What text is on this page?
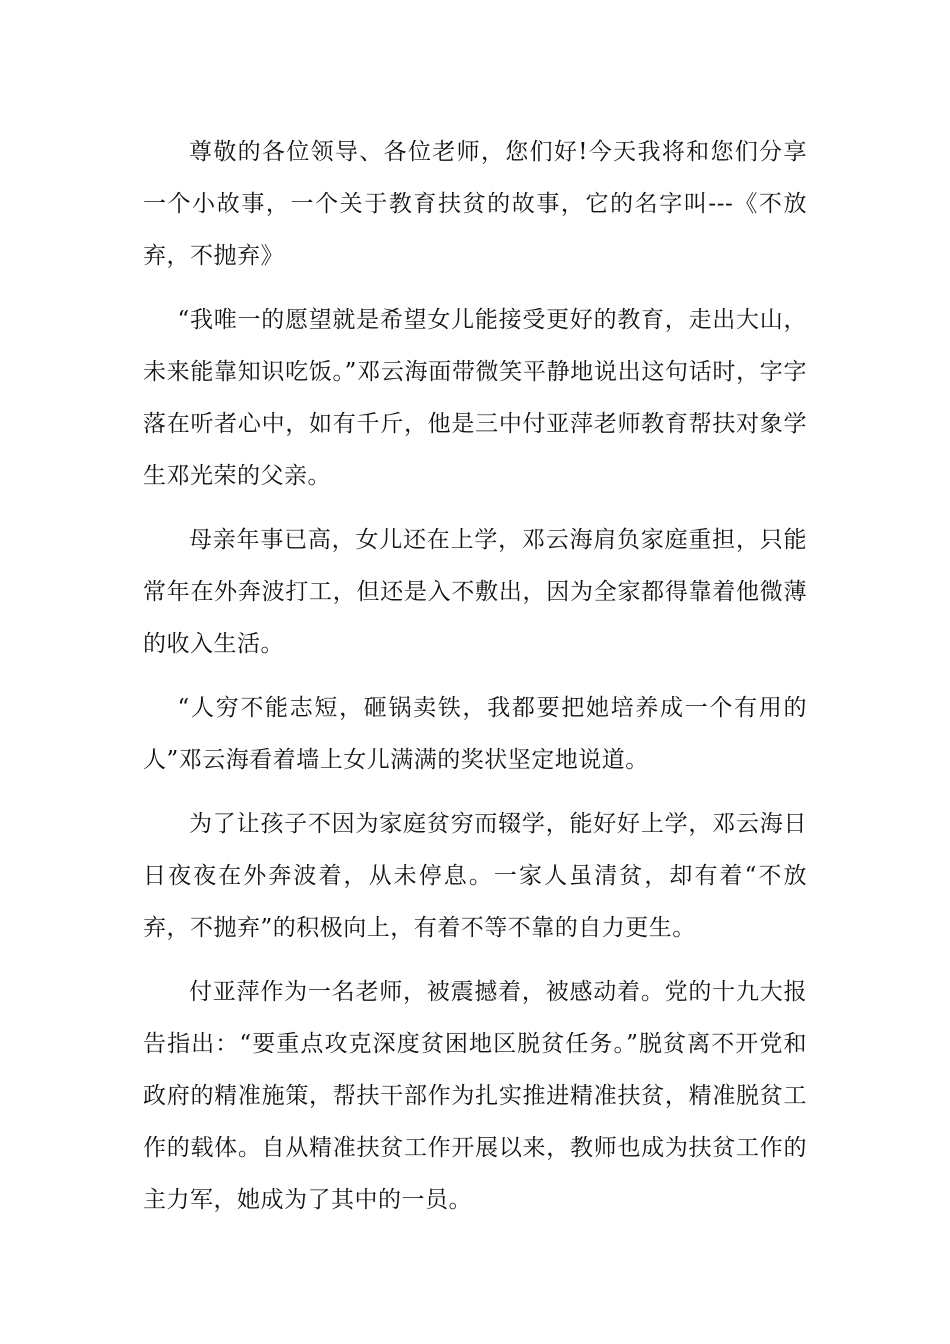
尊敬的各位领导、各位老师，您们好!今天我将和您们分享一个小故事，一个关于教育扶贫的故事，它的名字叫---《不放弃，不抛弃》

“我唯一的愿望就是希望女儿能接受更好的教育，走出大山，未来能靠知识吃饭。”邓云海面带微笑平静地说出这句话时，字字落在听者心中，如有千斤，他是三中付亚萍老师教育帮扶对象学生邓光荣的父亲。

母亲年事已高，女儿还在上学，邓云海肩负家庭重担，只能常年在外奔波打工，但还是入不敷出，因为全家都得靠着他微薄的收入生活。

“人穷不能志短，砸锅卖铁，我都要把她培养成一个有用的人”邓云海看着墙上女儿满满的奖状坚定地说道。

为了让孩子不因为家庭贫穷而辍学，能好好上学，邓云海日日夜夜在外奔波着，从未停息。一家人虽清贫，却有着“不放弃，不抛弃”的积极向上，有着不等不靠的自力更生。

付亚萍作为一名老师，被震撼着，被感动着。党的十九大报告指出：“要重点攻克深度贫困地区脱贫任务。”脱贫离不开党和政府的精准施策，帮扶干部作为扎实推进精准扶贫，精准脱贫工作的载体。自从精准扶贫工作开展以来，教师也成为扶贫工作的主力军，她成为了其中的一员。
